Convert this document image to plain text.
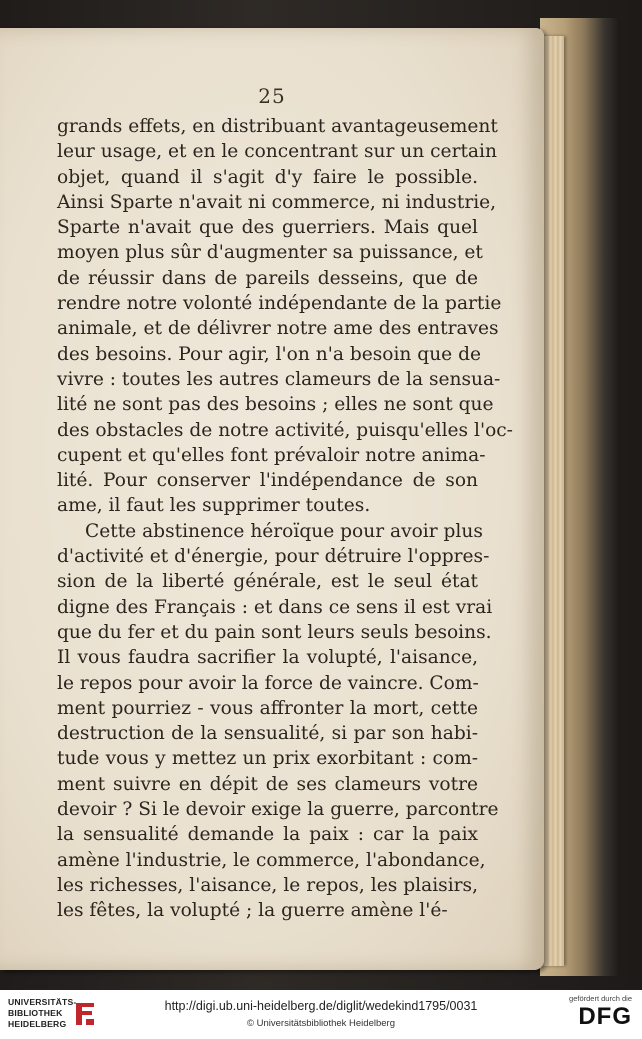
25
grands effets, en distribuant avantageusement
leur usage, et en le concentrant sur un certain
objet, quand il s'agit d'y faire le possible.
Ainsi Sparte n'avait ni commerce, ni industrie,
Sparte n'avait que des guerriers. Mais quel
moyen plus sûr d'augmenter sa puissance, et
de réussir dans de pareils desseins, que de
rendre notre volonté indépendante de la partie
animale, et de délivrer notre ame des entraves
des besoins. Pour agir, l'on n'a besoin que de
vivre : toutes les autres clameurs de la sensua-
lité ne sont pas des besoins ; elles ne sont que
des obstacles de notre activité, puisqu'elles l'oc-
cupent et qu'elles font prévaloir notre anima-
lité. Pour conserver l'indépendance de son
ame, il faut les supprimer toutes.
Cette abstinence héroïque pour avoir plus
d'activité et d'énergie, pour détruire l'oppres-
sion de la liberté générale, est le seul état
digne des Français : et dans ce sens il est vrai
que du fer et du pain sont leurs seuls besoins.
Il vous faudra sacrifier la volupté, l'aisance,
le repos pour avoir la force de vaincre. Com-
ment pourriez - vous affronter la mort, cette
destruction de la sensualité, si par son habi-
tude vous y mettez un prix exorbitant : com-
ment suivre en dépit de ses clameurs votre
devoir ? Si le devoir exige la guerre, parcontre
la sensualité demande la paix : car la paix
amène l'industrie, le commerce, l'abondance,
les richesses, l'aisance, le repos, les plaisirs,
les fêtes, la volupté ; la guerre amène l'é-
UNIVERSITÄTS-
BIBLIOTHEK
HEIDELBERG
http://digi.ub.uni-heidelberg.de/diglit/wedekind1795/0031
© Universitätsbibliothek Heidelberg
gefördert durch die
DFG
